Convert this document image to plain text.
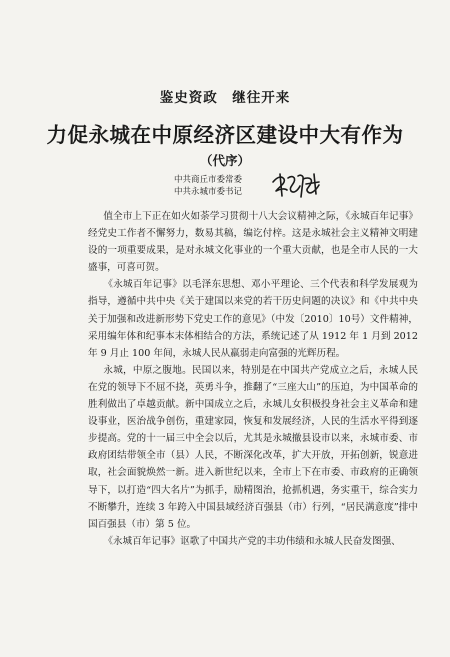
鉴史资政　继往开来
力促永城在中原经济区建设中大有作为
（代序）
中共商丘市委常委
中共永城市委书记

值全市上下正在如火如荼学习贯彻十八大会议精神之际，《永城百年记事》经党史工作者不懈努力，数易其稿，编讫付梓。这是永城社会主义精神文明建设的一项重要成果，是对永城文化事业的一个重大贡献，也是全市人民的一大盛事，可喜可贺。

《永城百年记事》以毛泽东思想、邓小平理论、三个代表和科学发展观为指导，遵循中共中央《关于建国以来党的若干历史问题的决议》和《中共中央关于加强和改进新形势下党史工作的意见》（中发〔2010〕10号）文件精神，采用编年体和纪事本末体相结合的方法，系统记述了从 1912 年 1 月到 2012 年 9 月止 100 年间，永城人民从羸弱走向富强的光辉历程。

永城，中原之腹地。民国以来，特别是在中国共产党成立之后，永城人民在党的领导下不屈不挠，英勇斗争，推翻了“三座大山”的压迫，为中国革命的胜利做出了卓越贡献。新中国成立之后，永城儿女积极投身社会主义革命和建设事业，医治战争创伤，重建家园，恢复和发展经济，人民的生活水平得到逐步提高。党的十一届三中全会以后，尤其是永城撤县设市以来，永城市委、市政府团结带领全市（县）人民，不断深化改革，扩大开放，开拓创新，锐意进取，社会面貌焕然一新。进入新世纪以来，全市上下在市委、市政府的正确领导下，以打造“四大名片”为抓手，励精图治，抢抓机遇，务实重干，综合实力不断攀升，连续 3 年跨入中国县域经济百强县（市）行列，“居民满意度”排中国百强县（市）第 5 位。

《永城百年记事》讴歌了中国共产党的丰功伟绩和永城人民奋发图强、
